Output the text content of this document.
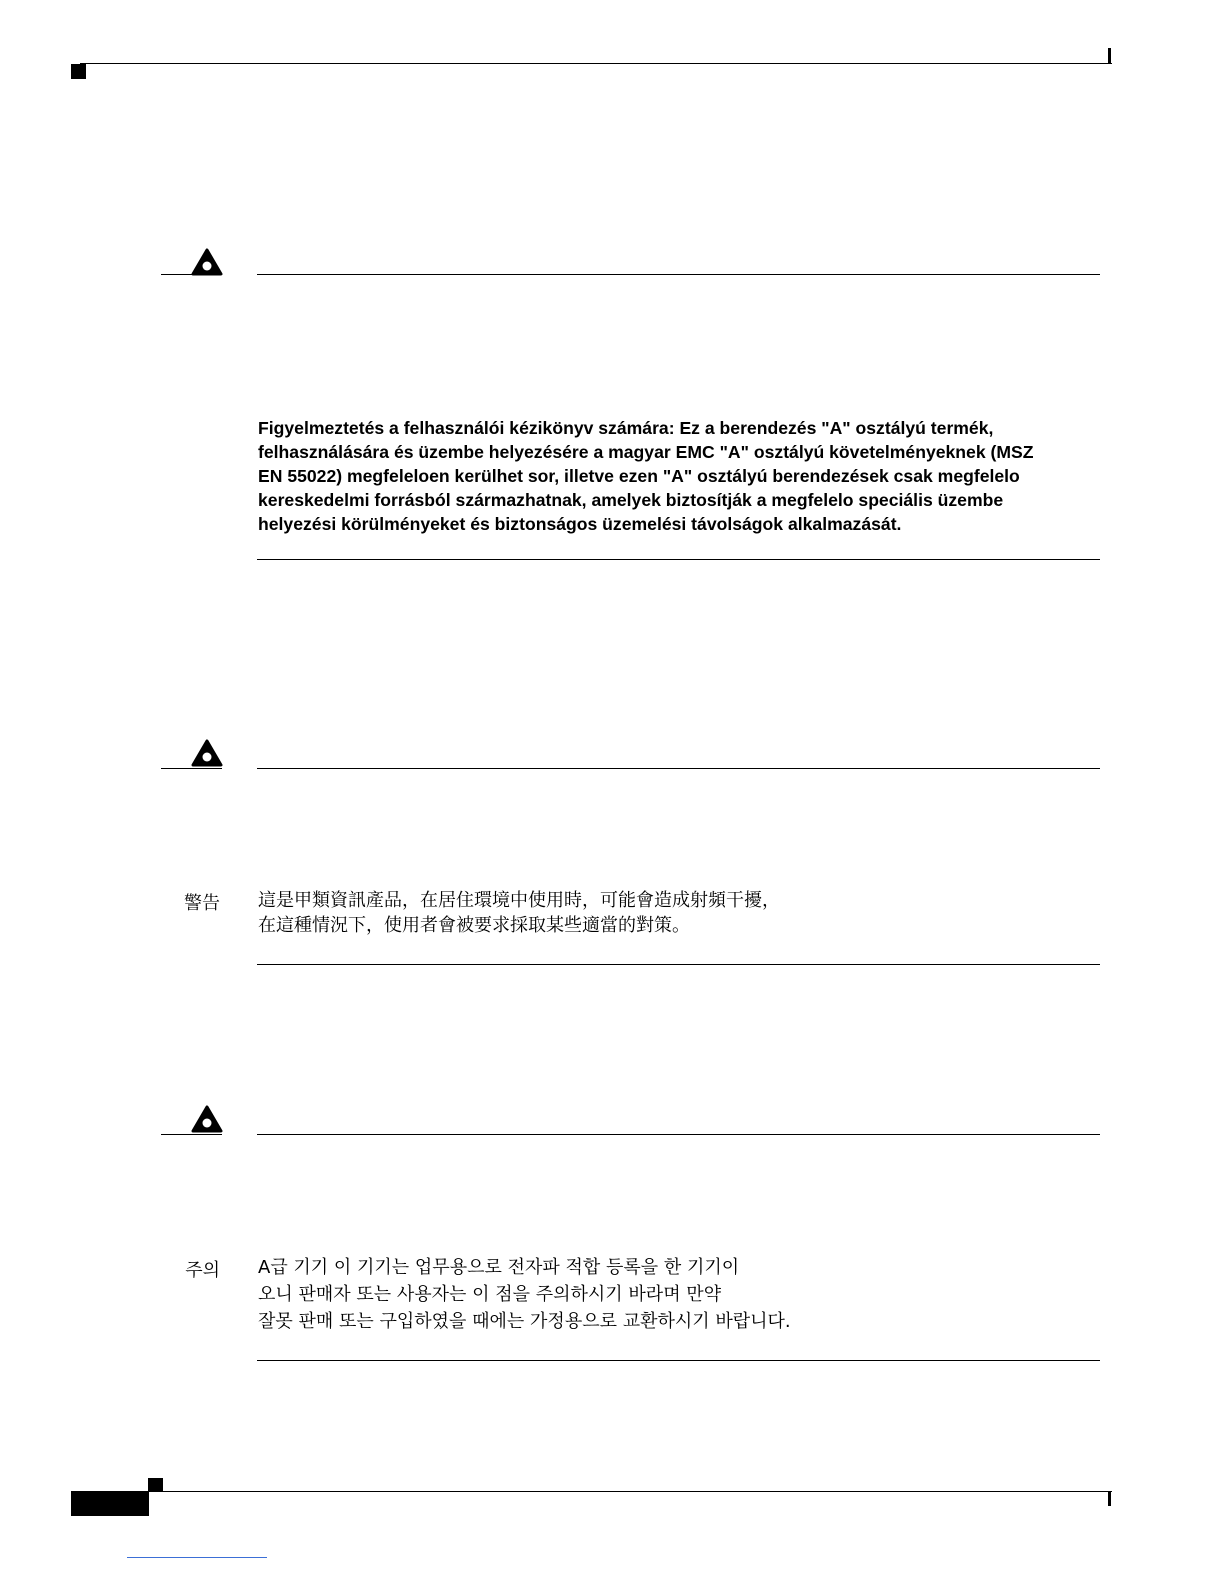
Figyelmeztetés a felhasználói kézikönyv számára: Ez a berendezés "A" osztályú termék,
felhasználására és üzembe helyezésére a magyar EMC "A" osztályú követelményeknek (MSZ
EN 55022) megfeleloen kerülhet sor, illetve ezen "A" osztályú berendezések csak megfelelo
kereskedelmi forrásból származhatnak, amelyek biztosítják a megfelelo speciális üzembe
helyezési körülményeket és biztonságos üzemelési távolságok alkalmazását.

警告 這是甲類資訊產品，在居住環境中使用時，可能會造成射頻干擾，
在這種情況下，使用者會被要求採取某些適當的對策。

주의 A급 기기 이 기기는 업무용으로 전자파 적합 등록을 한 기기이
오니 판매자 또는 사용자는 이 점을 주의하시기 바라며 만약
잘못 판매 또는 구입하였을 때에는 가정용으로 교환하시기 바랍니다.
